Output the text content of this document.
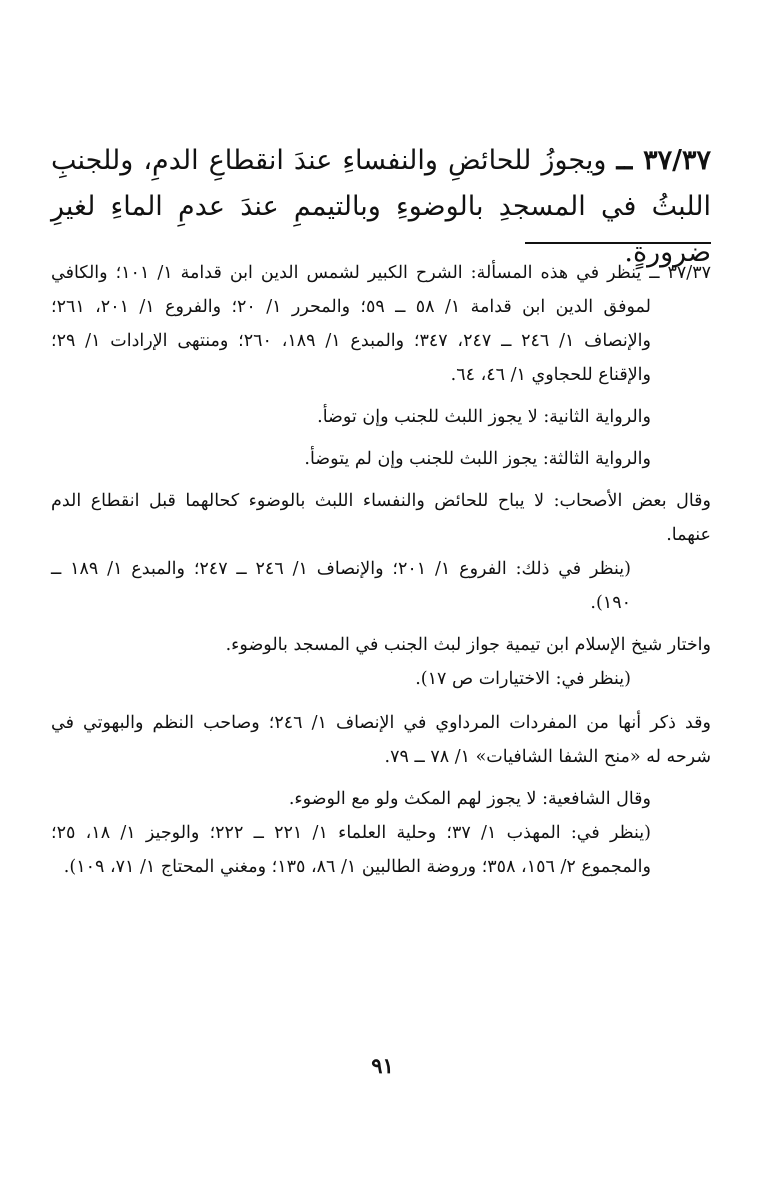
٣٧/٣٧ ــ ويجوزُ للحائضِ والنفساءِ عندَ انقطاعِ الدمِ، وللجنبِ اللبثُ في المسجدِ بالوضوءِ وبالتيممِ عندَ عدمِ الماءِ لغيرِ ضرورةٍ.

٣٧/٣٧ ــ ينظر في هذه المسألة: الشرح الكبير لشمس الدين ابن قدامة ١/ ١٠١؛ والكافي لموفق الدين ابن قدامة ١/ ٥٨ ــ ٥٩؛ والمحرر ١/ ٢٠؛ والفروع ١/ ٢٠١، ٢٦١؛ والإنصاف ١/ ٢٤٦ ــ ٢٤٧، ٣٤٧؛ والمبدع ١/ ١٨٩، ٢٦٠؛ ومنتهى الإرادات ١/ ٢٩؛ والإقناع للحجاوي ١/ ٤٦، ٦٤.

والرواية الثانية: لا يجوز اللبث للجنب وإن توضأ.

والرواية الثالثة: يجوز اللبث للجنب وإن لم يتوضأ.

وقال بعض الأصحاب: لا يباح للحائض والنفساء اللبث بالوضوء كحالهما قبل انقطاع الدم عنهما.

(ينظر في ذلك: الفروع ١/ ٢٠١؛ والإنصاف ١/ ٢٤٦ ــ ٢٤٧؛ والمبدع ١/ ١٨٩ ــ ١٩٠).

واختار شيخ الإسلام ابن تيمية جواز لبث الجنب في المسجد بالوضوء.

(ينظر في: الاختيارات ص ١٧).

وقد ذكر أنها من المفردات المرداوي في الإنصاف ١/ ٢٤٦؛ وصاحب النظم والبهوتي في شرحه له «منح الشفا الشافيات» ١/ ٧٨ ــ ٧٩.

وقال الشافعية: لا يجوز لهم المكث ولو مع الوضوء.

(ينظر في: المهذب ١/ ٣٧؛ وحلية العلماء ١/ ٢٢١ ــ ٢٢٢؛ والوجيز ١/ ١٨، ٢٥؛ والمجموع ٢/ ١٥٦، ٣٥٨؛ وروضة الطالبين ١/ ٨٦، ١٣٥؛ ومغني المحتاج ١/ ٧١، ١٠٩).

٩١
